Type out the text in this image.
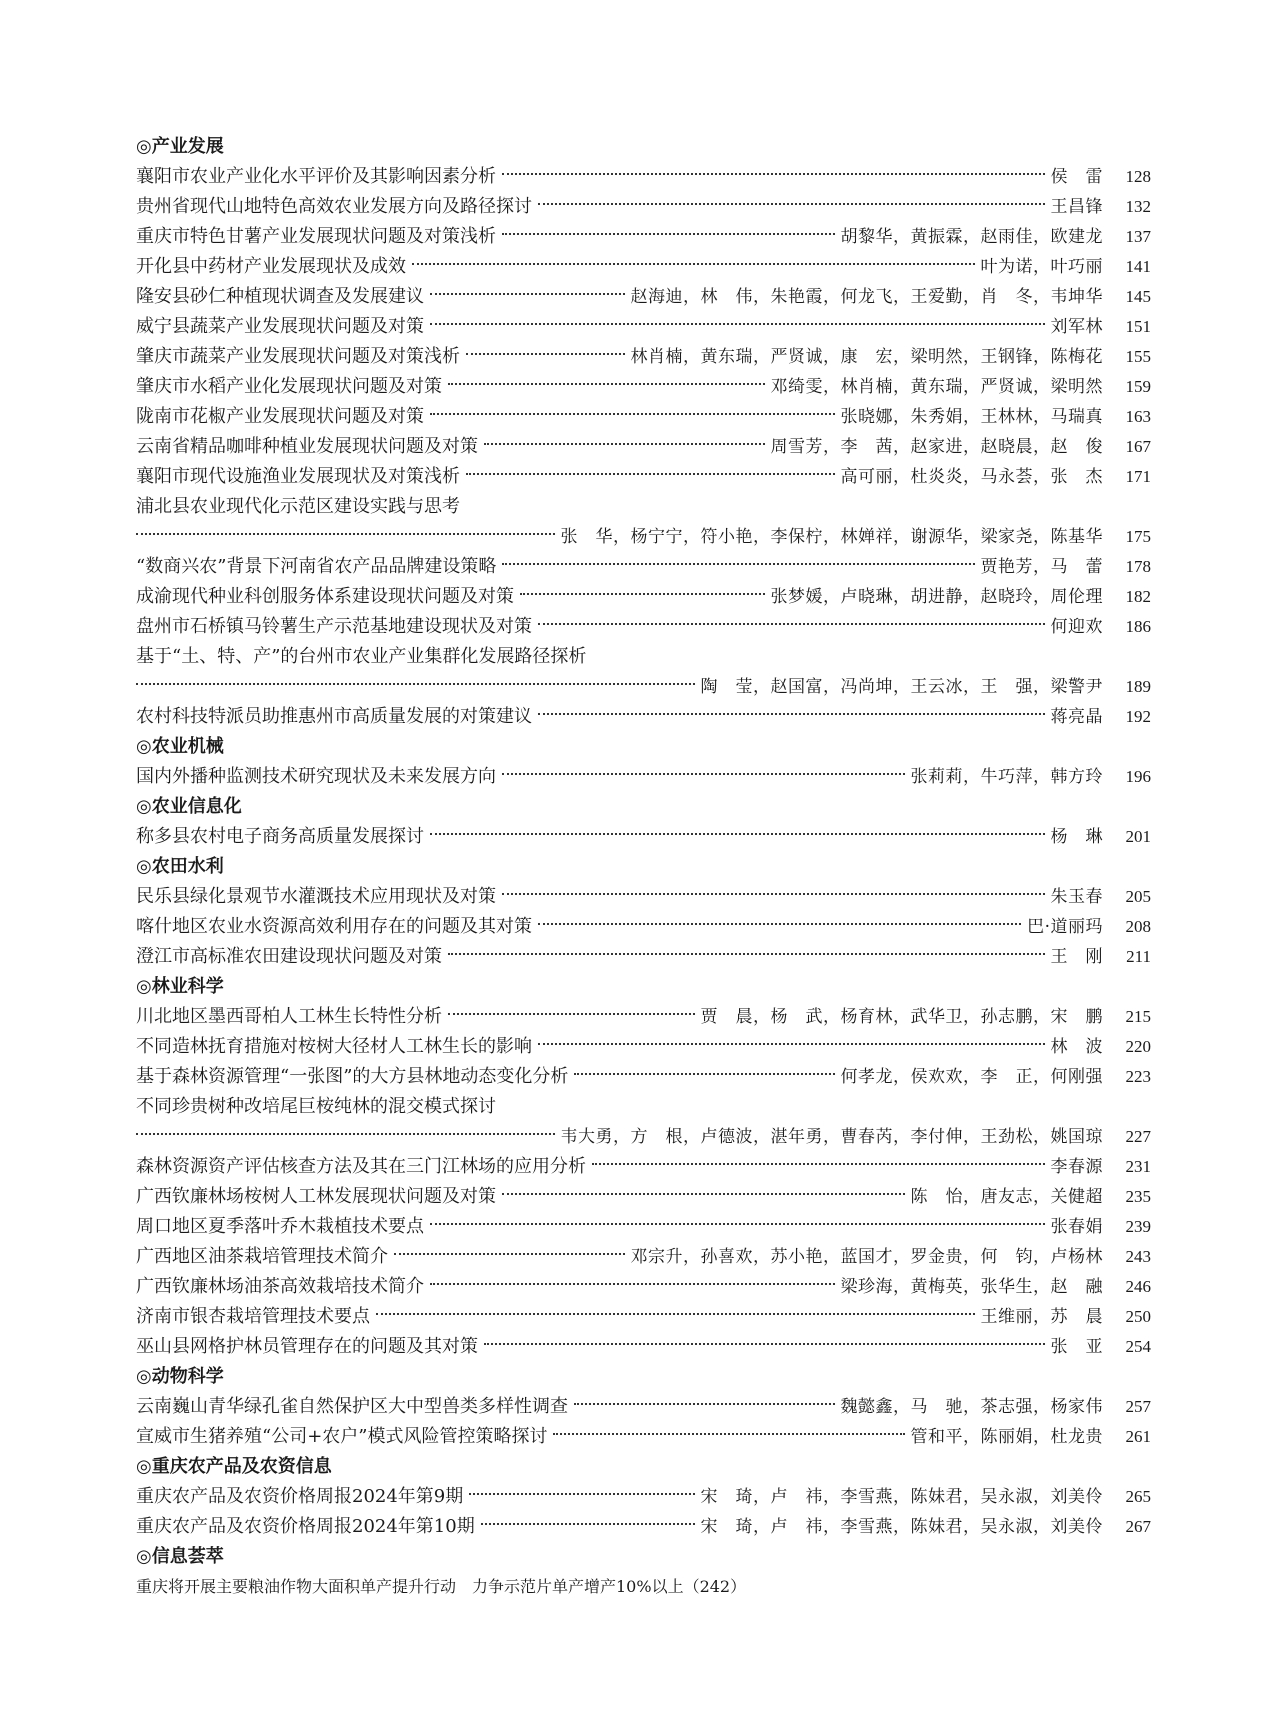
◎产业发展
襄阳市农业产业化水平评价及其影响因素分析	侯　雷	128
贵州省现代山地特色高效农业发展方向及路径探讨	王昌锋	132
重庆市特色甘薯产业发展现状问题及对策浅析	胡黎华，黄振霖，赵雨佳，欧建龙	137
开化县中药材产业发展现状及成效	叶为诺，叶巧丽	141
隆安县砂仁种植现状调查及发展建议	赵海迪，林　伟，朱艳霞，何龙飞，王爱勤，肖　冬，韦坤华	145
威宁县蔬菜产业发展现状问题及对策	刘军林	151
肇庆市蔬菜产业发展现状问题及对策浅析	林肖楠，黄东瑞，严贤诚，康　宏，梁明然，王钢锋，陈梅花	155
肇庆市水稻产业化发展现状问题及对策	邓绮雯，林肖楠，黄东瑞，严贤诚，梁明然	159
陇南市花椒产业发展现状问题及对策	张晓娜，朱秀娟，王林林，马瑞真	163
云南省精品咖啡种植业发展现状问题及对策	周雪芳，李　茜，赵家进，赵晓晨，赵　俊	167
襄阳市现代设施渔业发展现状及对策浅析	高可丽，杜炎炎，马永荟，张　杰	171
浦北县农业现代化示范区建设实践与思考
张　华，杨宁宁，符小艳，李保柠，林婵祥，谢源华，梁家尧，陈基华	175
“数商兴农”背景下河南省农产品品牌建设策略	贾艳芳，马　蕾	178
成渝现代种业科创服务体系建设现状问题及对策	张梦媛，卢晓琳，胡进静，赵晓玲，周伦理	182
盘州市石桥镇马铃薯生产示范基地建设现状及对策	何迎欢	186
基于“土、特、产”的台州市农业产业集群化发展路径探析
陶　莹，赵国富，冯尚坤，王云冰，王　强，梁警尹	189
农村科技特派员助推惠州市高质量发展的对策建议	蒋亮晶	192
◎农业机械
国内外播种监测技术研究现状及未来发展方向	张莉莉，牛巧萍，韩方玲	196
◎农业信息化
称多县农村电子商务高质量发展探讨	杨　琳	201
◎农田水利
民乐县绿化景观节水灌溉技术应用现状及对策	朱玉春	205
喀什地区农业水资源高效利用存在的问题及其对策	巴·道丽玛	208
澄江市高标准农田建设现状问题及对策	王　刚	211
◎林业科学
川北地区墨西哥柏人工林生长特性分析	贾　晨，杨　武，杨育林，武华卫，孙志鹏，宋　鹏	215
不同造林抚育措施对桉树大径材人工林生长的影响	林　波	220
基于森林资源管理“一张图”的大方县林地动态变化分析	何孝龙，侯欢欢，李　正，何刚强	223
不同珍贵树种改培尾巨桉纯林的混交模式探讨
韦大勇，方　根，卢德波，湛年勇，曹春芮，李付伸，王劲松，姚国琼	227
森林资源资产评估核查方法及其在三门江林场的应用分析	李春源	231
广西钦廉林场桉树人工林发展现状问题及对策	陈　怡，唐友志，关健超	235
周口地区夏季落叶乔木栽植技术要点	张春娟	239
广西地区油茶栽培管理技术简介	邓宗升，孙喜欢，苏小艳，蓝国才，罗金贵，何　钧，卢杨林	243
广西钦廉林场油茶高效栽培技术简介	梁珍海，黄梅英，张华生，赵　融	246
济南市银杏栽培管理技术要点	王维丽，苏　晨	250
巫山县网格护林员管理存在的问题及其对策	张　亚	254
◎动物科学
云南巍山青华绿孔雀自然保护区大中型兽类多样性调查	魏懿鑫，马　驰，茶志强，杨家伟	257
宣威市生猪养殖“公司+农户”模式风险管控策略探讨	管和平，陈丽娟，杜龙贵	261
◎重庆农产品及农资信息
重庆农产品及农资价格周报2024年第9期	宋　琦，卢　祎，李雪燕，陈妹君，吴永淑，刘美伶	265
重庆农产品及农资价格周报2024年第10期	宋　琦，卢　祎，李雪燕，陈妹君，吴永淑，刘美伶	267
◎信息荟萃
重庆将开展主要粮油作物大面积单产提升行动　力争示范片单产增产10%以上（242）
